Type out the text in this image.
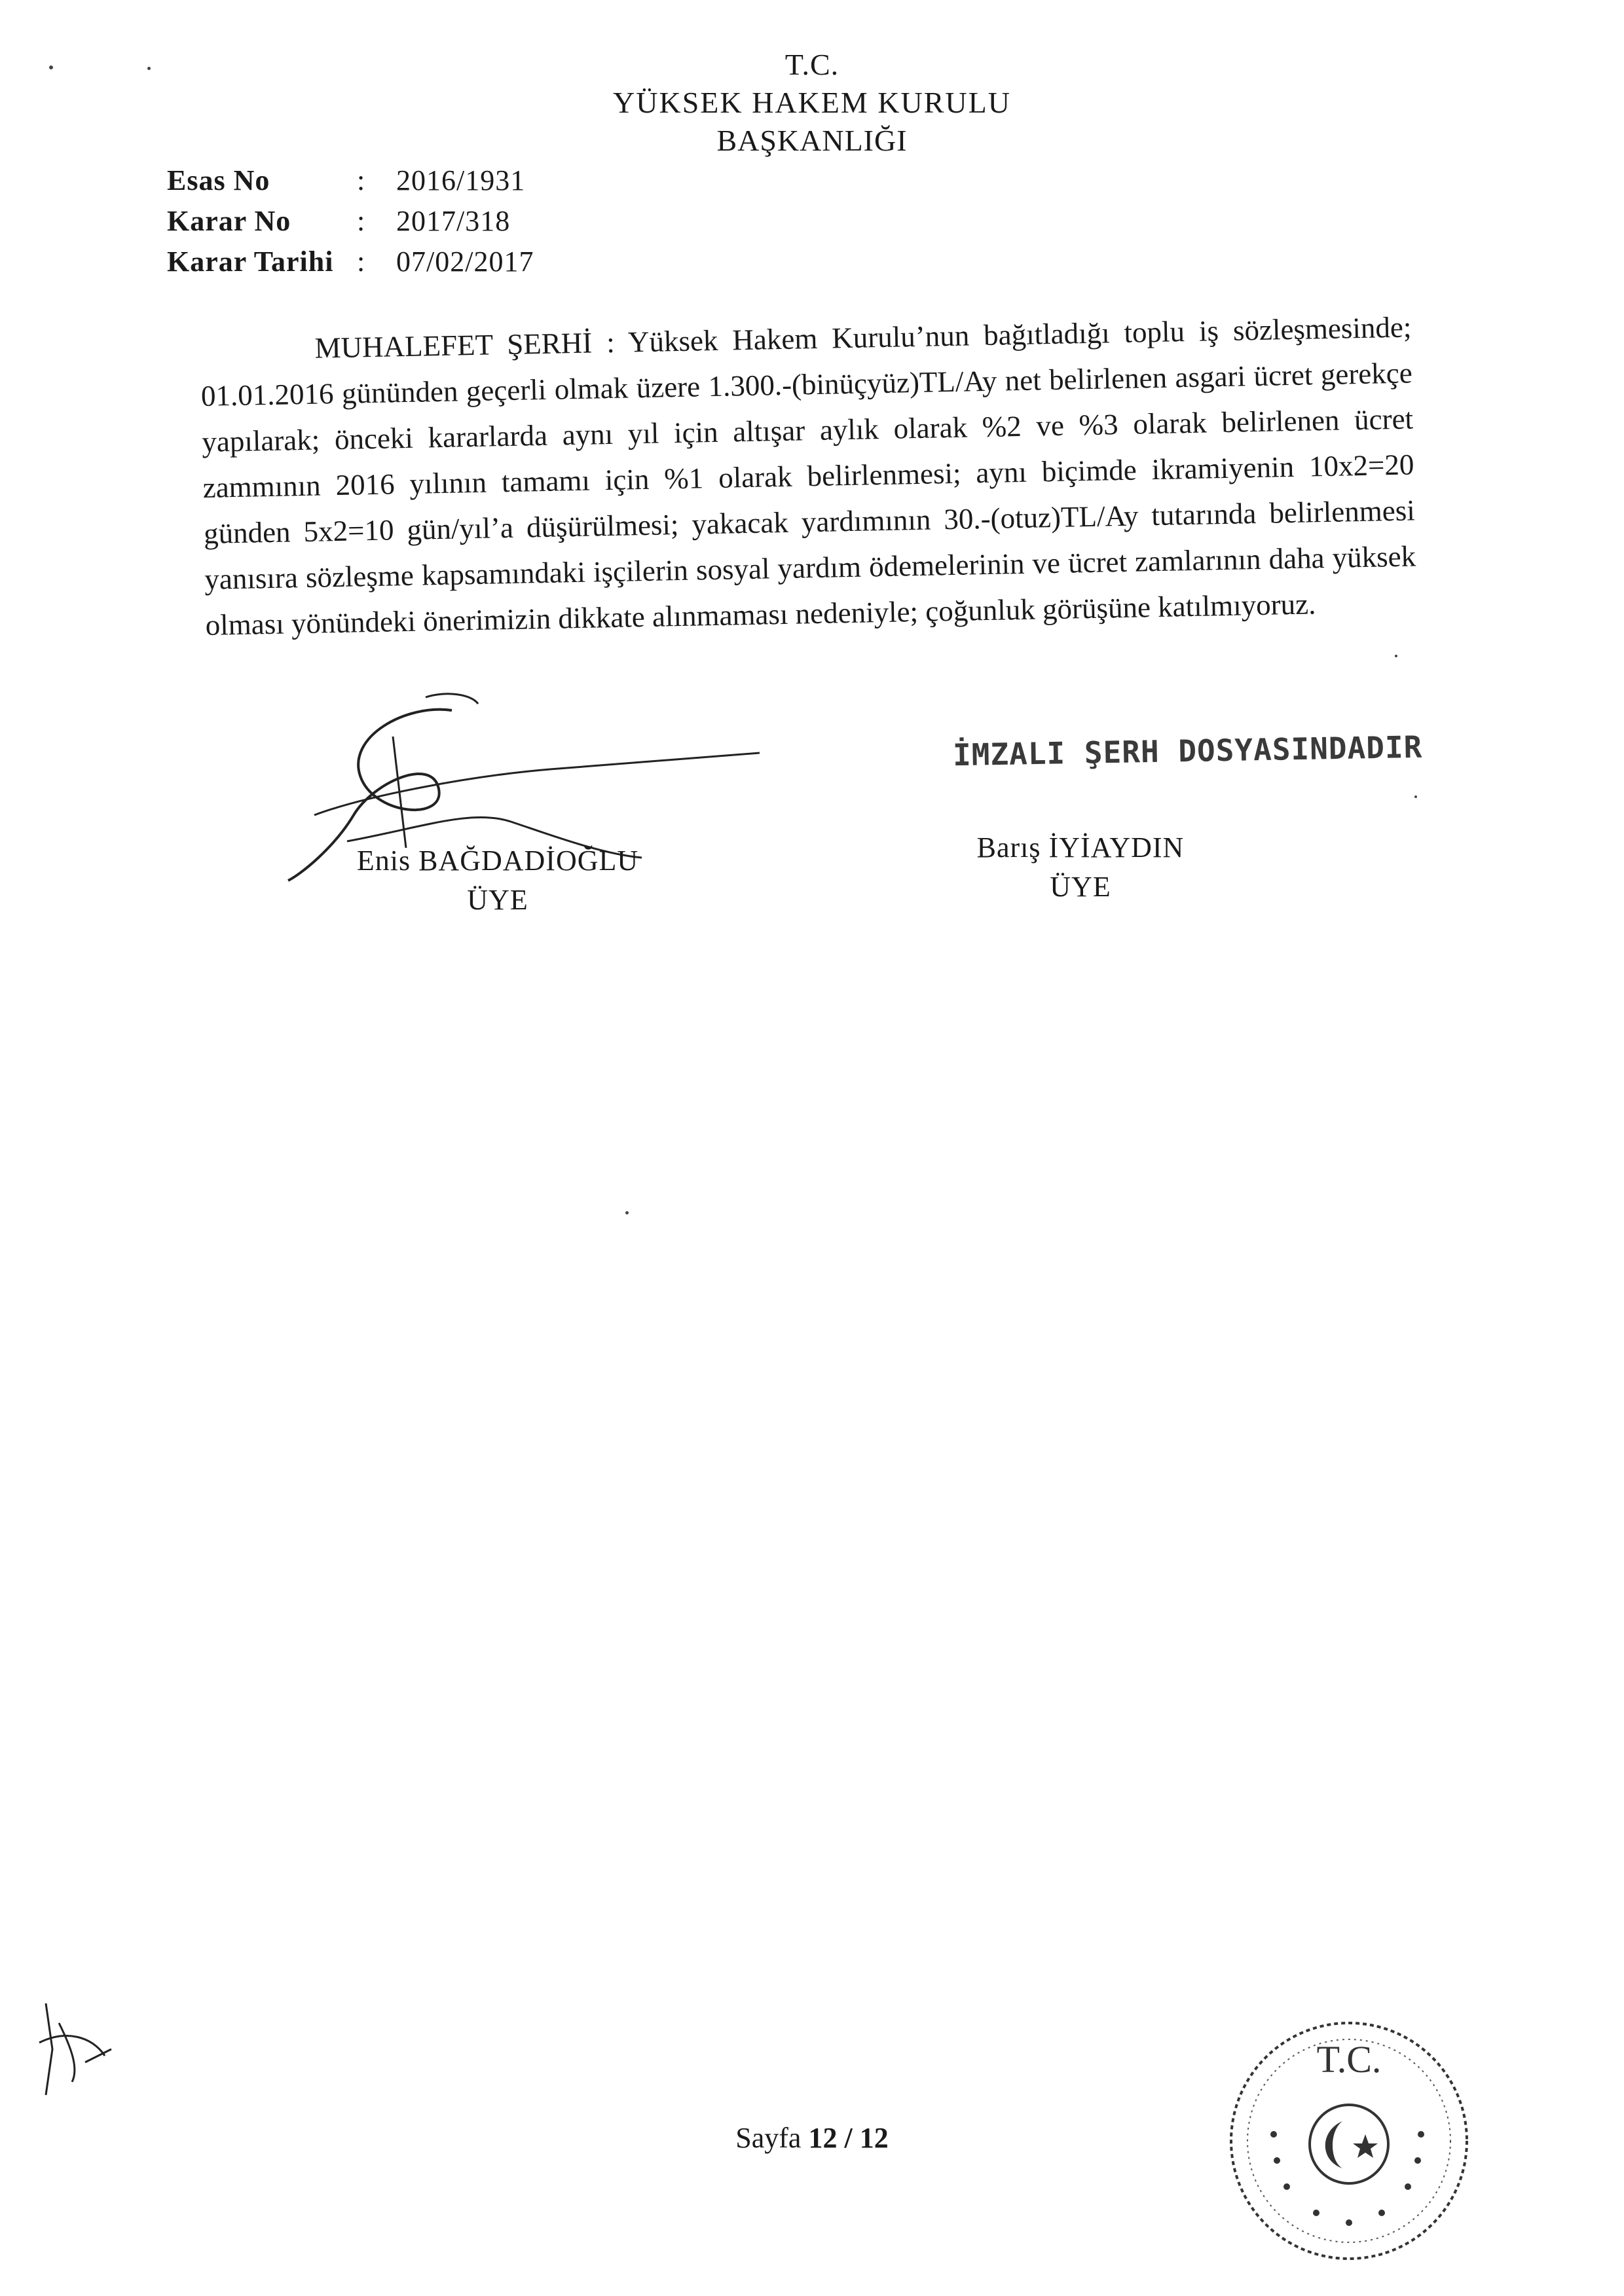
T.C.
YÜKSEK HAKEM KURULU
BAŞKANLIĞI
Esas No	:	2016/1931
Karar No	:	2017/318
Karar Tarihi :	07/02/2017
MUHALEFET ŞERHİ : Yüksek Hakem Kurulu’nun bağıtladığı toplu iş sözleşmesinde; 01.01.2016 gününden geçerli olmak üzere 1.300.-(binüçyüz)TL/Ay net belirlenen asgari ücret gerekçe yapılarak; önceki kararlarda aynı yıl için altışar aylık olarak %2 ve %3 olarak belirlenen ücret zammının 2016 yılının tamamı için %1 olarak belirlenmesi; aynı biçimde ikramiyenin 10x2=20 günden 5x2=10 gün/yıl’a düşürülmesi; yakacak yardımının 30.-(otuz)TL/Ay tutarında belirlenmesi yanısıra sözleşme kapsamındaki işçilerin sosyal yardım ödemelerinin ve ücret zamlarının daha yüksek olması yönündeki önerimizin dikkate alınmaması nedeniyle; çoğunluk görüşüne katılmıyoruz.
Enis BAĞDADİOĞLU
ÜYE
İMZALI ŞERH DOSYASINDADIR
Barış İYİAYDIN
ÜYE
T.C.
Sayfa 12 / 12
